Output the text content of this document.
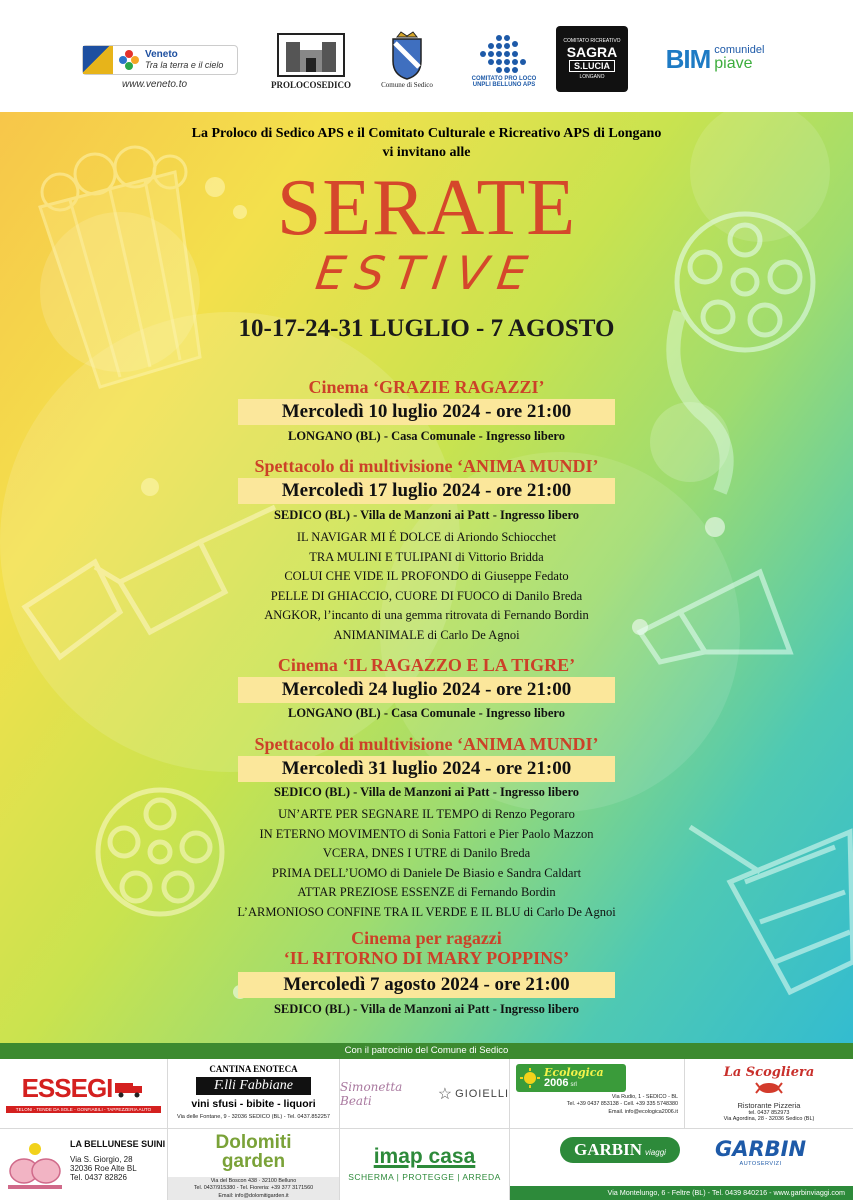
Veneto
Tra la terra e il cielo
www.veneto.to	PROLOCOSEDICO	Comune di Sedico
COMITATO PRO LOCO
UNPLI BELLUNO APS
COMITATO RICREATIVO
SAGRA
S.LUCIA
LONGANO
BIM comunidel
piave
La Proloco di Sedico APS e il Comitato Culturale e Ricreativo APS di Longano
vi invitano alle
SERATE
ESTIVE
10-17-24-31 LUGLIO - 7 AGOSTO
Cinema ‘GRAZIE RAGAZZI’
Mercoledì 10 luglio 2024 - ore 21:00
LONGANO (BL) - Casa Comunale - Ingresso libero
Spettacolo di multivisione ‘ANIMA MUNDI’
Mercoledì 17 luglio 2024 - ore 21:00
SEDICO (BL) - Villa de Manzoni ai Patt - Ingresso libero
IL NAVIGAR MI É DOLCE di Ariondo Schiocchet
TRA MULINI E TULIPANI di Vittorio Bridda
COLUI CHE VIDE IL PROFONDO di Giuseppe Fedato
PELLE DI GHIACCIO, CUORE DI FUOCO di Danilo Breda
ANGKOR, l’incanto di una gemma ritrovata di Fernando Bordin
ANIMANIMALE di Carlo De Agnoi
Cinema ‘IL RAGAZZO E LA TIGRE’
Mercoledì 24 luglio 2024 - ore 21:00
LONGANO (BL) - Casa Comunale - Ingresso libero
Spettacolo di multivisione ‘ANIMA MUNDI’
Mercoledì 31 luglio 2024 - ore 21:00
SEDICO (BL) - Villa de Manzoni ai Patt - Ingresso libero
UN’ARTE PER SEGNARE IL TEMPO di Renzo Pegoraro
IN ETERNO MOVIMENTO di Sonia Fattori e Pier Paolo Mazzon
VCERA, DNES I UTRE di Danilo Breda
PRIMA DELL’UOMO di Daniele De Biasio e Sandra Caldart
ATTAR PREZIOSE ESSENZE di Fernando Bordin
L’ARMONIOSO CONFINE TRA IL VERDE E IL BLU di Carlo De Agnoi
Cinema per ragazzi
‘IL RITORNO DI MARY POPPINS’
Mercoledì 7 agosto 2024 - ore 21:00
SEDICO (BL) - Villa de Manzoni ai Patt - Ingresso libero
Con il patrocinio del Comune di Sedico
ESSEGI
TELONI - TENDE DA SOLE - GONFIABILI - TAPPEZZERIA AUTO
CANTINA ENOTECA
F.lli Fabbiane
vini sfusi - bibite - liquori
Via delle Fontane, 9 - 32036 SEDICO (BL) - Tel. 0437.852257
Simonetta Beati	☆ GIOIELLI
Ecologica
2006 srl
Via Rudio, 1 - SEDICO - BL
Tel. +39 0437 853138 - Cell. +39 335 5748380
Email. info@ecologica2006.it
La Scogliera
Ristorante Pizzeria
tel. 0437 852973
Via Agordina, 28 - 32036 Sedico (BL)
LA BELLUNESE SUINI
Via S. Giorgio, 28
32036 Roe Alte BL
Tel. 0437 82826
Dolomiti
garden
Via del Boscon 438 · 32100 Belluno
Tel. 0437/915380 - Tel. Fioreria: +39 377 3171560
Email: info@dolomitigarden.it
imap casa
SCHERMA | PROTEGGE | ARREDA
GARBIN viaggi GARBIN
AUTOSERVIZI
Via Montelungo, 6 - Feltre (BL) - Tel. 0439 840216 - www.garbinviaggi.com
